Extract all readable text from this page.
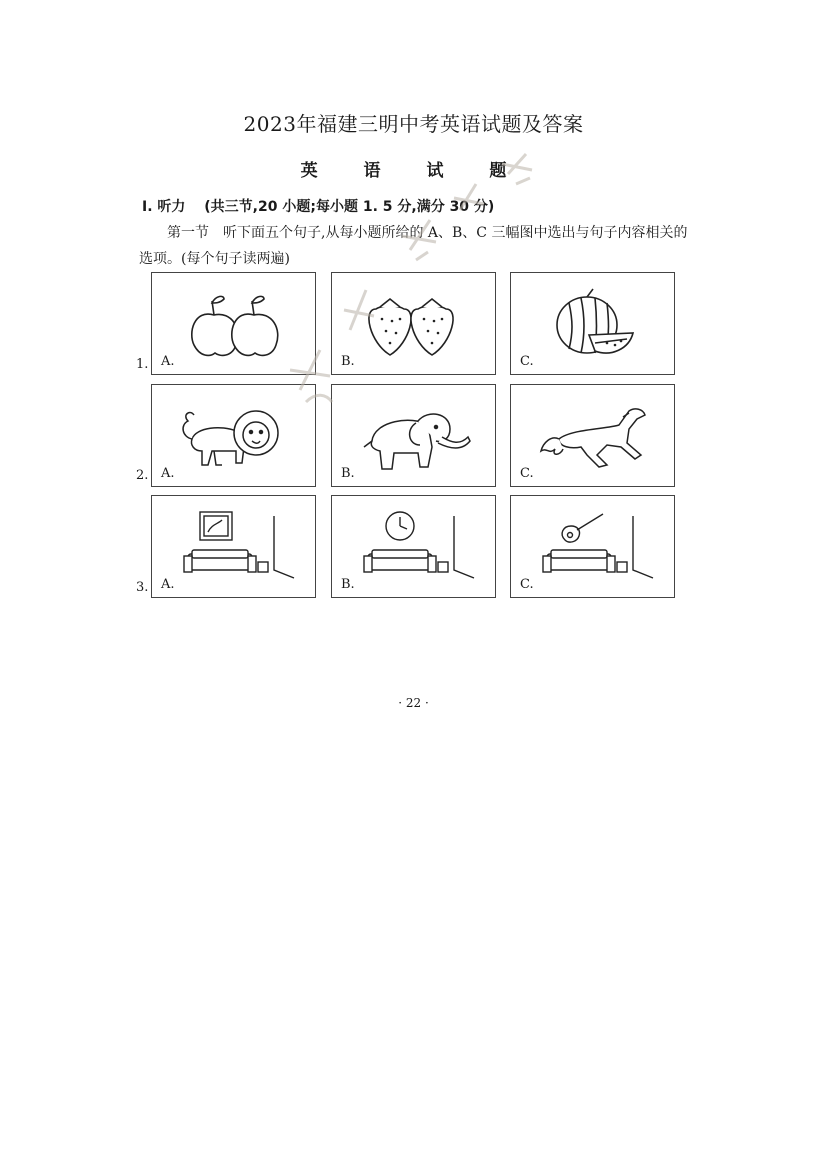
2023年福建三明中考英语试题及答案
英 语 试 题
Ⅰ. 听力 (共三节,20 小题;每小题 1. 5 分,满分 30 分)
第一节　听下面五个句子,从每小题所给的 A、B、C 三幅图中选出与句子内容相关的选项。(每个句子读两遍)
1. A.	B.	C.
2. A.	B.	C.
3. A.	B.	C.
· 22 ·
